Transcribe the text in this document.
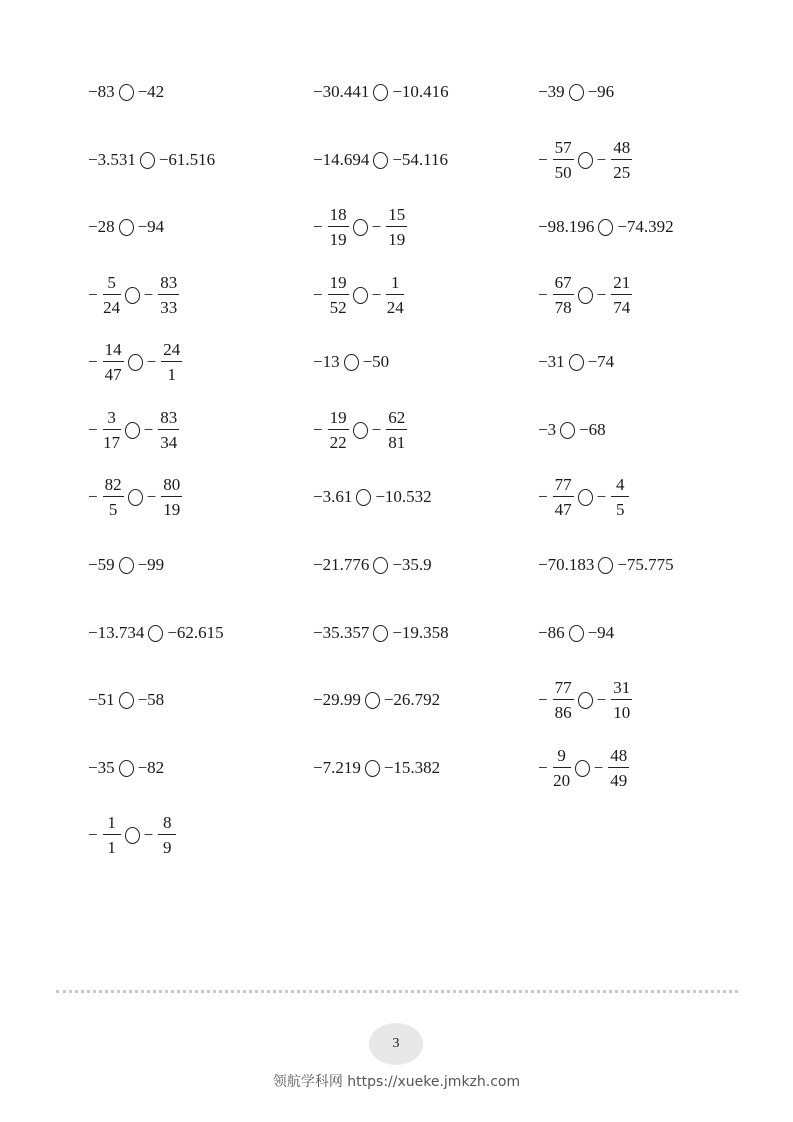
−83 −42	−30.441 −10.416	−39 −96
−3.531 −61.516	−14.694 −54.116	− $\frac{57}{50} - \frac{48}{25}$
−28 −94	− $\frac{18}{19} - \frac{15}{19}$	−98.196 −74.392
− $\frac{5}{24} - \frac{83}{33}$	− $\frac{19}{52} - \frac{1}{24}$	− $\frac{67}{78} - \frac{21}{74}$
− $\frac{14}{47} - \frac{24}{1}$	−13 −50	−31 −74
− $\frac{3}{17} - \frac{83}{34}$	− $\frac{19}{22} - \frac{62}{81}$	−3 −68
− $\frac{82}{5} - \frac{80}{19}$	−3.61 −10.532	− $\frac{77}{47} - \frac{4}{5}$
−59 −99	−21.776 −35.9	−70.183 −75.775
−13.734 −62.615	−35.357 −19.358	−86 −94
−51 −58	−29.99 −26.792	− $\frac{77}{86} - \frac{31}{10}$
−35 −82	−7.219 −15.382	− $\frac{9}{20} - \frac{48}{49}$
− $\frac{1}{1} - \frac{8}{9}$
3
领航学科网 https://xueke.jmkzh.com
